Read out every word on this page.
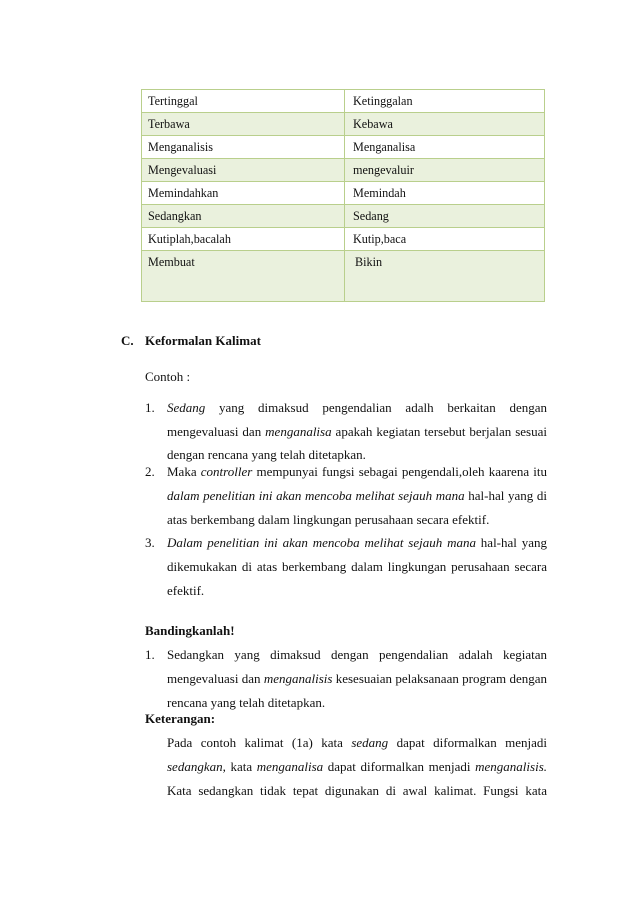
Tertinggal	Ketinggalan
Terbawa	Kebawa
Menganalisis	Menganalisa
Mengevaluasi	mengevaluir
Memindahkan	Memindah
Sedangkan	Sedang
Kutiplah,bacalah	Kutip,baca
Membuat	Bikin
C. Keformalan Kalimat
Contoh :
1. Sedang yang dimaksud pengendalian adalh berkaitan dengan
mengevaluasi dan menganalisa apakah kegiatan tersebut berjalan sesuai
dengan rencana yang telah ditetapkan.
2. Maka controller mempunyai fungsi sebagai pengendali,oleh kaarena itu
dalam penelitian ini akan mencoba melihat sejauh mana hal-hal yang di
atas berkembang dalam lingkungan perusahaan secara efektif.
3. Dalam penelitian ini akan mencoba melihat sejauh mana hal-hal yang
dikemukakan di atas berkembang dalam lingkungan perusahaan secara
efektif.
Bandingkanlah!
1. Sedangkan yang dimaksud dengan pengendalian adalah kegiatan
mengevaluasi dan menganalisis kesesuaian pelaksanaan program dengan
rencana yang telah ditetapkan.
Keterangan:
Pada contoh kalimat (1a) kata sedang dapat diformalkan menjadi
sedangkan, kata menganalisa dapat diformalkan menjadi menganalisis.
Kata sedangkan tidak tepat digunakan di awal kalimat. Fungsi kata
